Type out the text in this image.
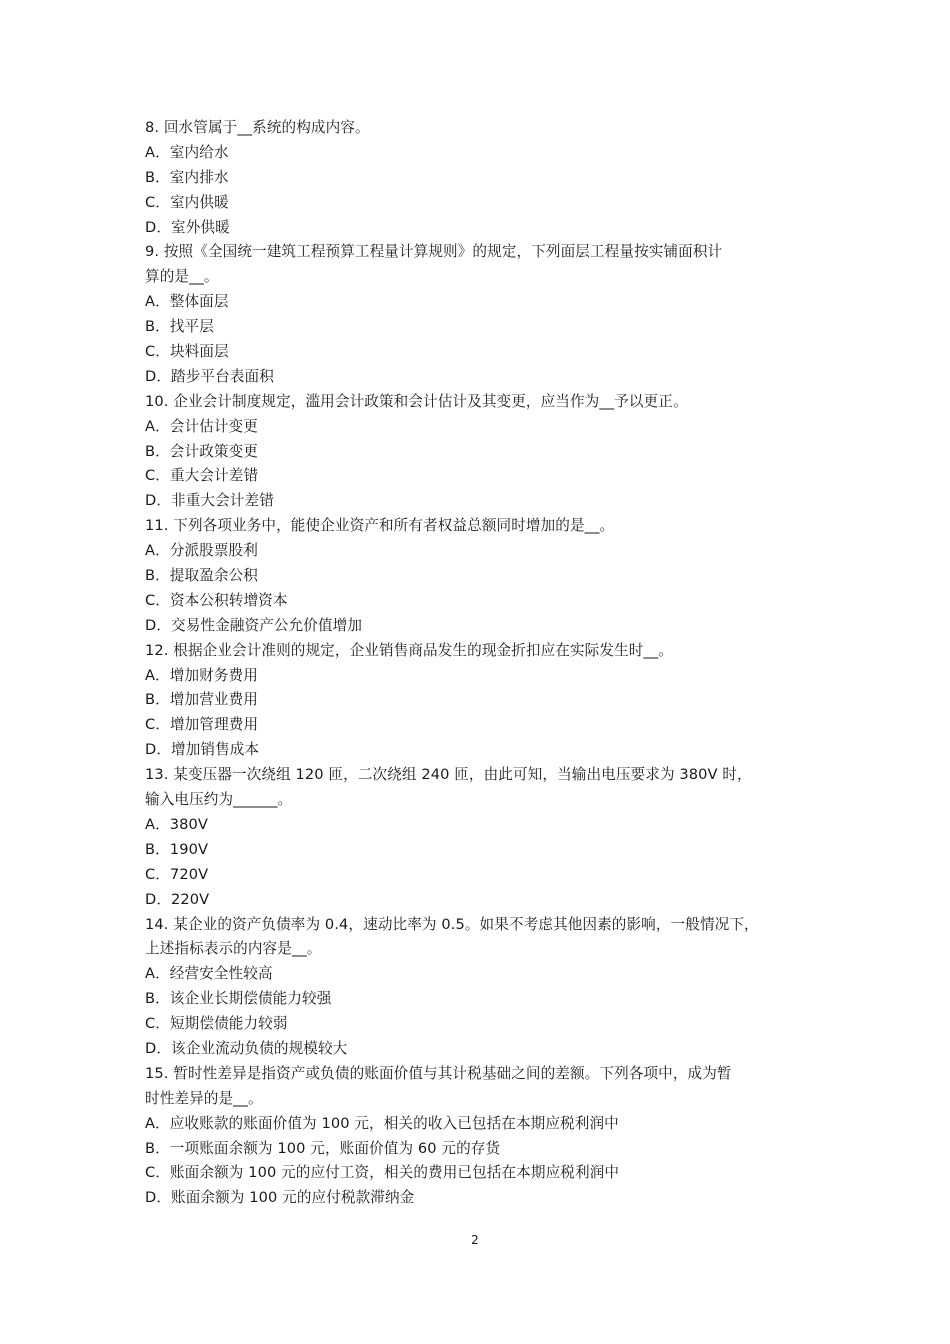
8. 回水管属于__系统的构成内容。
A．室内给水
B．室内排水
C．室内供暖
D．室外供暖
9. 按照《全国统一建筑工程预算工程量计算规则》的规定，下列面层工程量按实铺面积计
算的是__。
A．整体面层
B．找平层
C．块料面层
D．踏步平台表面积
10. 企业会计制度规定，滥用会计政策和会计估计及其变更，应当作为__予以更正。
A．会计估计变更
B．会计政策变更
C．重大会计差错
D．非重大会计差错
11. 下列各项业务中，能使企业资产和所有者权益总额同时增加的是__。
A．分派股票股利
B．提取盈余公积
C．资本公积转增资本
D．交易性金融资产公允价值增加
12. 根据企业会计准则的规定，企业销售商品发生的现金折扣应在实际发生时__。
A．增加财务费用
B．增加营业费用
C．增加管理费用
D．增加销售成本
13. 某变压器一次绕组 120 匝，二次绕组 240 匝，由此可知，当输出电压要求为 380V 时，
输入电压约为______。
A．380V
B．190V
C．720V
D．220V
14. 某企业的资产负债率为 0.4，速动比率为 0.5。如果不考虑其他因素的影响，一般情况下，
上述指标表示的内容是__。
A．经营安全性较高
B．该企业长期偿债能力较强
C．短期偿债能力较弱
D．该企业流动负债的规模较大
15. 暂时性差异是指资产或负债的账面价值与其计税基础之间的差额。下列各项中，成为暂
时性差异的是__。
A．应收账款的账面价值为 100 元，相关的收入已包括在本期应税利润中
B．一项账面余额为 100 元，账面价值为 60 元的存货
C．账面余额为 100 元的应付工资，相关的费用已包括在本期应税利润中
D．账面余额为 100 元的应付税款滞纳金
2
